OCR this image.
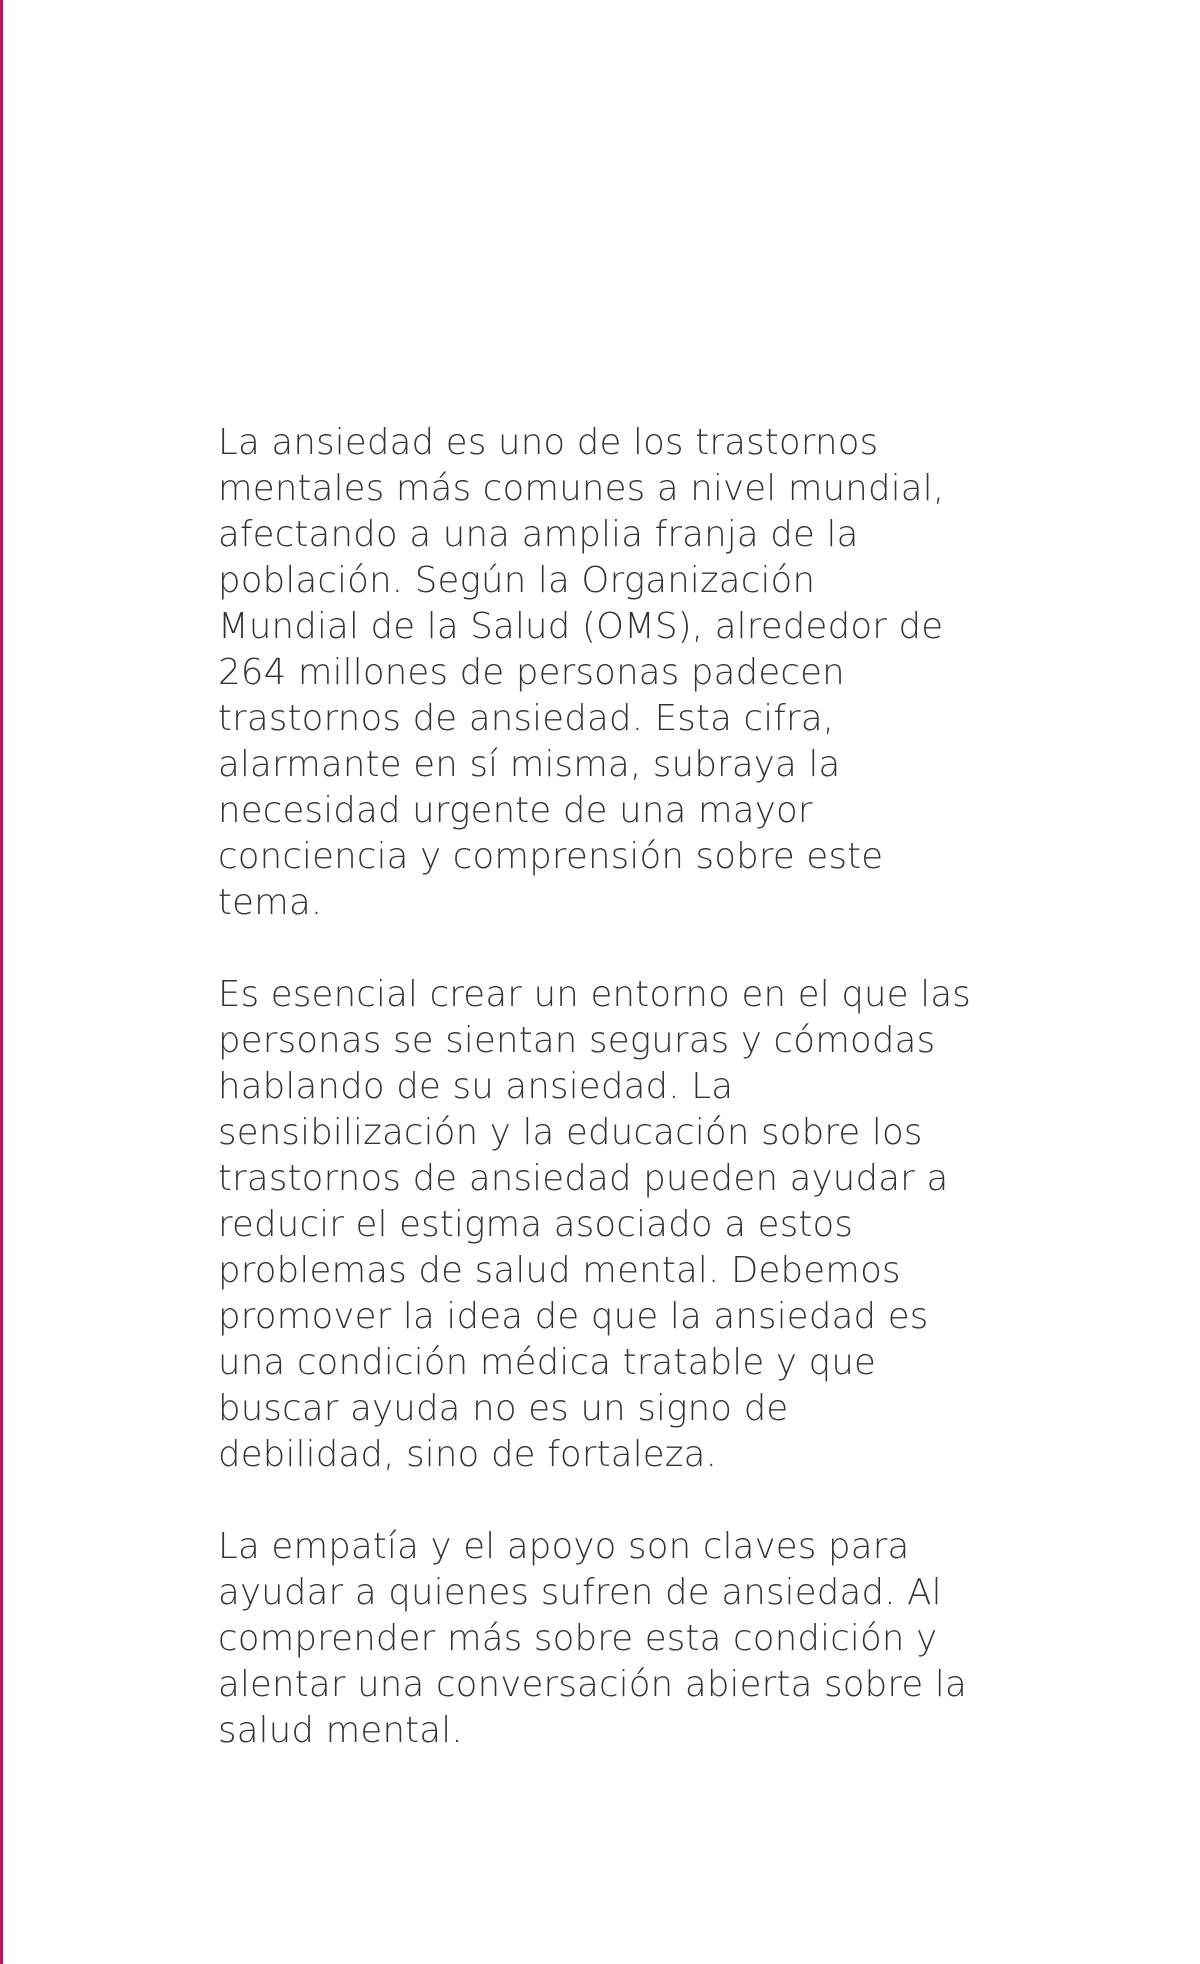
La ansiedad es uno de los trastornos
mentales más comunes a nivel mundial,
afectando a una amplia franja de la
población. Según la Organización
Mundial de la Salud (OMS), alrededor de
264 millones de personas padecen
trastornos de ansiedad. Esta cifra,
alarmante en sí misma, subraya la
necesidad urgente de una mayor
conciencia y comprensión sobre este
tema.

Es esencial crear un entorno en el que las
personas se sientan seguras y cómodas
hablando de su ansiedad. La
sensibilización y la educación sobre los
trastornos de ansiedad pueden ayudar a
reducir el estigma asociado a estos
problemas de salud mental. Debemos
promover la idea de que la ansiedad es
una condición médica tratable y que
buscar ayuda no es un signo de
debilidad, sino de fortaleza.

La empatía y el apoyo son claves para
ayudar a quienes sufren de ansiedad. Al
comprender más sobre esta condición y
alentar una conversación abierta sobre la
salud mental.
